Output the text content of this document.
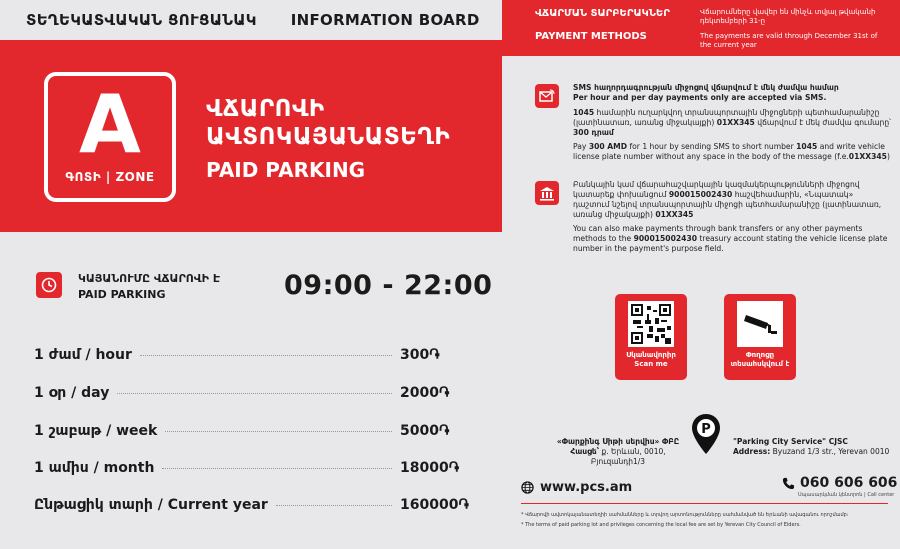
ՏԵՂԵԿԱՏՎԱԿԱՆ ՑՈՒՑԱՆԱԿ INFORMATION BOARD
A
ԳՈՏԻ | ZONE
ՎՃԱՐՈՎԻ
ԱՎՏՈԿԱՅԱՆԱՏԵՂԻ
PAID PARKING
ՎՃԱՐՄԱՆ ՏԱՐԲԵՐԱԿՆԵՐ
PAYMENT METHODS
Վճարումները վավեր են մինչև տվյալ թվականի դեկտեմբերի 31-ը
The payments are valid through December 31st of the current year
SMS հաղորդագրության միջոցով վճարվում է մեկ ժամվա համար
Per hour and per day payments only are accepted via SMS.
1045 համարին ուղարկվող տրանսպորտային միջոցների պետհամարանիշը (լատինատառ, առանց միջակայքի) 01XX345 վճարվում է մեկ ժամվա գումարը՝ 300 դրամ
Pay 300 AMD for 1 hour by sending SMS to short number 1045 and write vehicle license plate number without any space in the body of the message (f.e.01XX345)
Բանկային կամ վճարահաշվարկային կազմակերպությունների միջոցով կատարեք փոխանցում 900015002430 հաշվեհամարին, «Նպատակ» դաշտում նշելով տրանսպորտային միջոցի պետհամարանիշը (լատինատառ, առանց միջակայքի) 01XX345
You can also make payments through bank transfers or any other payments methods to the 900015002430 treasury account stating the vehicle license plate number in the payment's purpose field.
ԿԱՅԱՆՈՒՄԸ ՎՃԱՐՈՎԻ Է
PAID PARKING	09:00 - 22:00
1 ժամ / hour	300֏
1 օր / day	2000֏
1 շաբաթ / week	5000֏
1 ամիս / month	18000֏
Ընթացիկ տարի / Current year	160000֏
Սկանավորիր
Scan me
Փողոցը
տեսահսկվում է
«Փարքինգ Սիթի սերվիս» ՓԲԸ
Հասցե՝ ք. Երևան, 0010, Բյուզանդի1/3
P
"Parking City Service" CJSC
Address: Byuzand 1/3 str., Yerevan 0010
www.pcs.am	060 606 606
Սպասարկման կենտրոն | Call center
* Վճարովի ավտոկայանատեղիի սահմանները և տրվող արտոնությունները սահմանված են Երևանի ավագանու որոշմամբ։
* The terms of paid parking lot and privileges concerning the local fee are set by Yerevan City Council of Elders.
